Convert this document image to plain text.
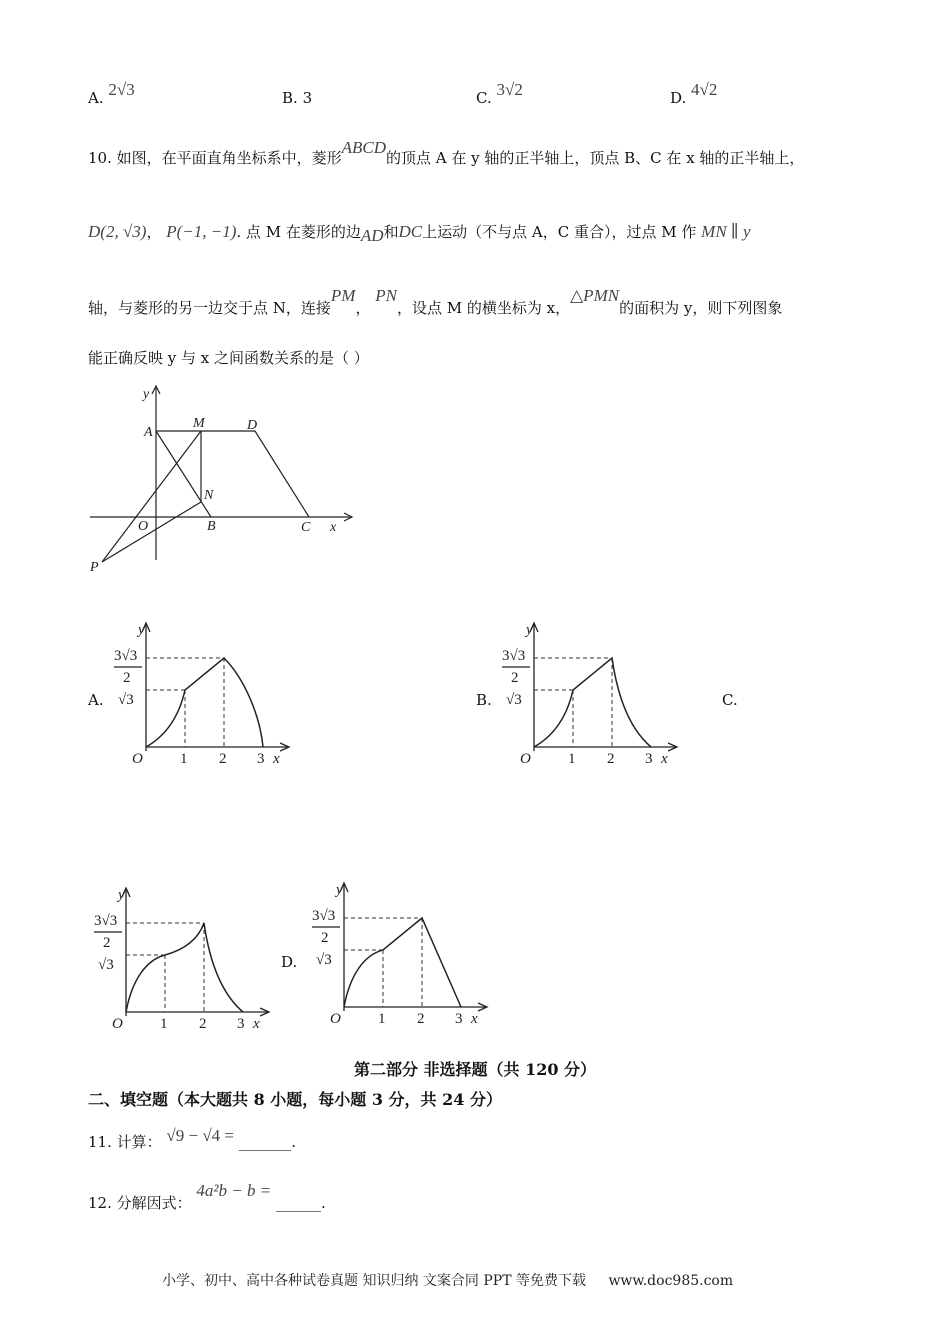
A. 2√3	B. 3	C. 3√2	D. 4√2
10. 如图，在平面直角坐标系中，菱形ABCD的顶点 A 在 y 轴的正半轴上，顶点 B、C 在 x 轴的正半轴上，
D(2, √3)， P(−1, −1). 点 M 在菱形的边AD和DC上运动（不与点 A，C 重合），过点 M 作 MN ∥ y
轴，与菱形的另一边交于点 N，连接PM， PN，设点 M 的横坐标为 x，△PMN的面积为 y，则下列图象
能正确反映 y 与 x 之间函数关系的是（ ）
y
A
M	D
N
O	B	C x
P
A.
y
3√3
2
√3
O 1 2 3 x
B.
y
3√3
2
√3
O 1 2 3 x
C.
y
3√3
2
√3
O 1 2 3 x
D.
y
3√3
2
√3
O 1 2 3 x
第二部分 非选择题（共 120 分）
二、填空题（本大题共 8 小题，每小题 3 分，共 24 分）
11. 计算： √9 − √4 = _______.
12. 分解因式： 4a²b − b = ______.
小学、初中、高中各种试卷真题 知识归纳 文案合同 PPT 等免费下载 www.doc985.com
